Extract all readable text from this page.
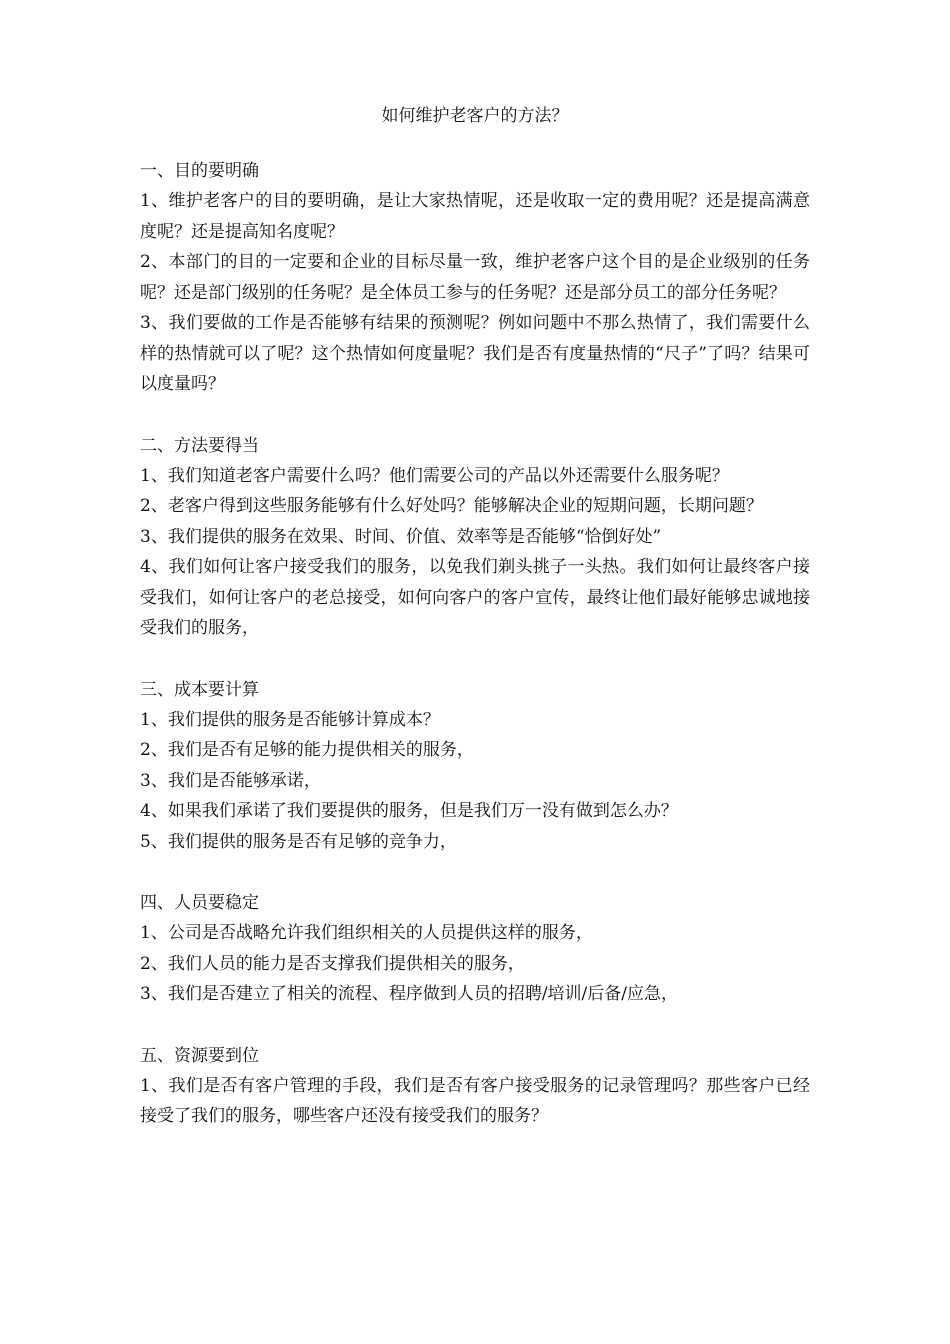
如何维护老客户的方法？
一、目的要明确

1、维护老客户的目的要明确，是让大家热情呢，还是收取一定的费用呢？还是提高满意度呢？还是提高知名度呢？

2、本部门的目的一定要和企业的目标尽量一致，维护老客户这个目的是企业级别的任务呢？还是部门级别的任务呢？是全体员工参与的任务呢？还是部分员工的部分任务呢？

3、我们要做的工作是否能够有结果的预测呢？例如问题中不那么热情了，我们需要什么样的热情就可以了呢？这个热情如何度量呢？我们是否有度量热情的“尺子”了吗？结果可以度量吗？

二、方法要得当

1、我们知道老客户需要什么吗？他们需要公司的产品以外还需要什么服务呢？

2、老客户得到这些服务能够有什么好处吗？能够解决企业的短期问题，长期问题？

3、我们提供的服务在效果、时间、价值、效率等是否能够“恰倒好处”

4、我们如何让客户接受我们的服务，以免我们剃头挑子一头热。我们如何让最终客户接受我们，如何让客户的老总接受，如何向客户的客户宣传，最终让他们最好能够忠诚地接受我们的服务，

三、成本要计算

1、我们提供的服务是否能够计算成本？

2、我们是否有足够的能力提供相关的服务，

3、我们是否能够承诺，

4、如果我们承诺了我们要提供的服务，但是我们万一没有做到怎么办？

5、我们提供的服务是否有足够的竞争力，

四、人员要稳定

1、公司是否战略允许我们组织相关的人员提供这样的服务，

2、我们人员的能力是否支撑我们提供相关的服务，

3、我们是否建立了相关的流程、程序做到人员的招聘/培训/后备/应急，

五、资源要到位

1、我们是否有客户管理的手段，我们是否有客户接受服务的记录管理吗？那些客户已经接受了我们的服务，哪些客户还没有接受我们的服务？
